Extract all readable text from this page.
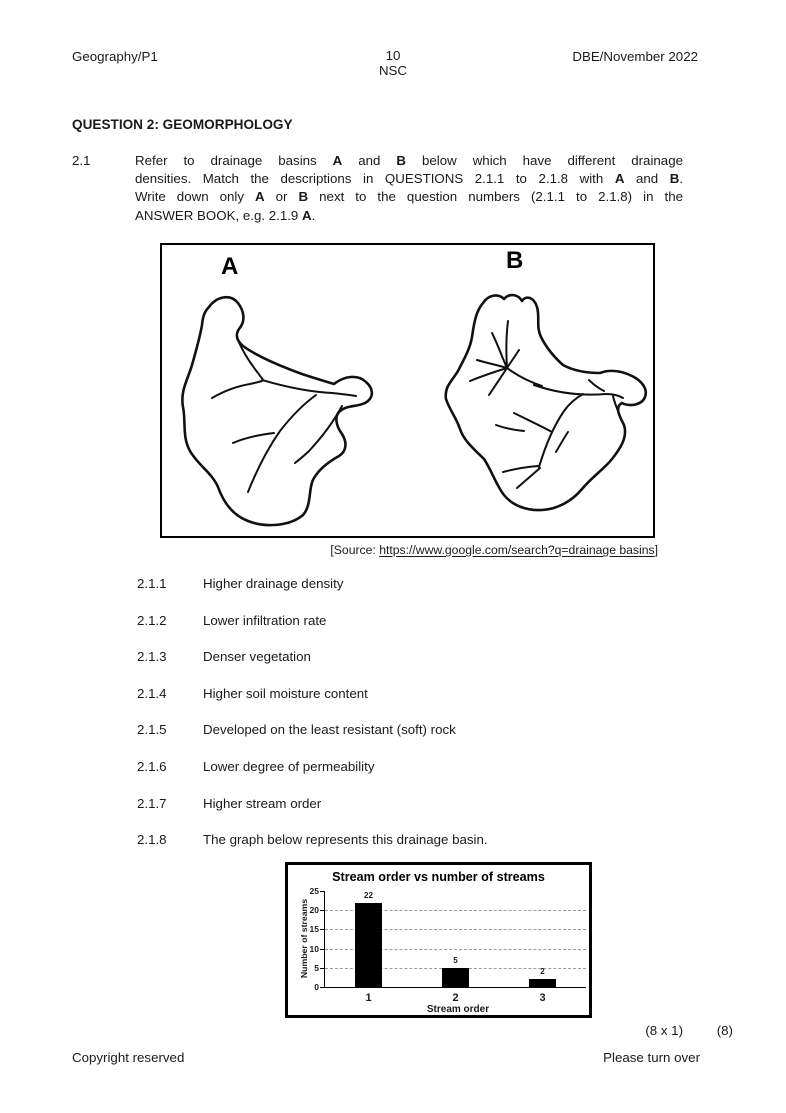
Geography/P1	10
NSC
DBE/November 2022
QUESTION 2: GEOMORPHOLOGY
2.1	Refer to drainage basins A and B below which have different drainage
densities. Match the descriptions in QUESTIONS 2.1.1 to 2.1.8 with A and B.
Write down only A or B next to the question numbers (2.1.1 to 2.1.8) in the
ANSWER BOOK, e.g. 2.1.9 A.
A	B
[Source: https://www.google.com/search?q=drainage basins]
2.1.1	Higher drainage density
2.1.2	Lower infiltration rate
2.1.3	Denser vegetation
2.1.4	Higher soil moisture content
2.1.5	Developed on the least resistant (soft) rock
2.1.6	Lower degree of permeability
2.1.7	Higher stream order
2.1.8	The graph below represents this drainage basin.
Stream order vs number of streams
Number of streams
0
5
10
15
20
25	22
1
5
2
2
3
Stream order
(8 x 1)	(8)
Copyright reserved	Please turn over
